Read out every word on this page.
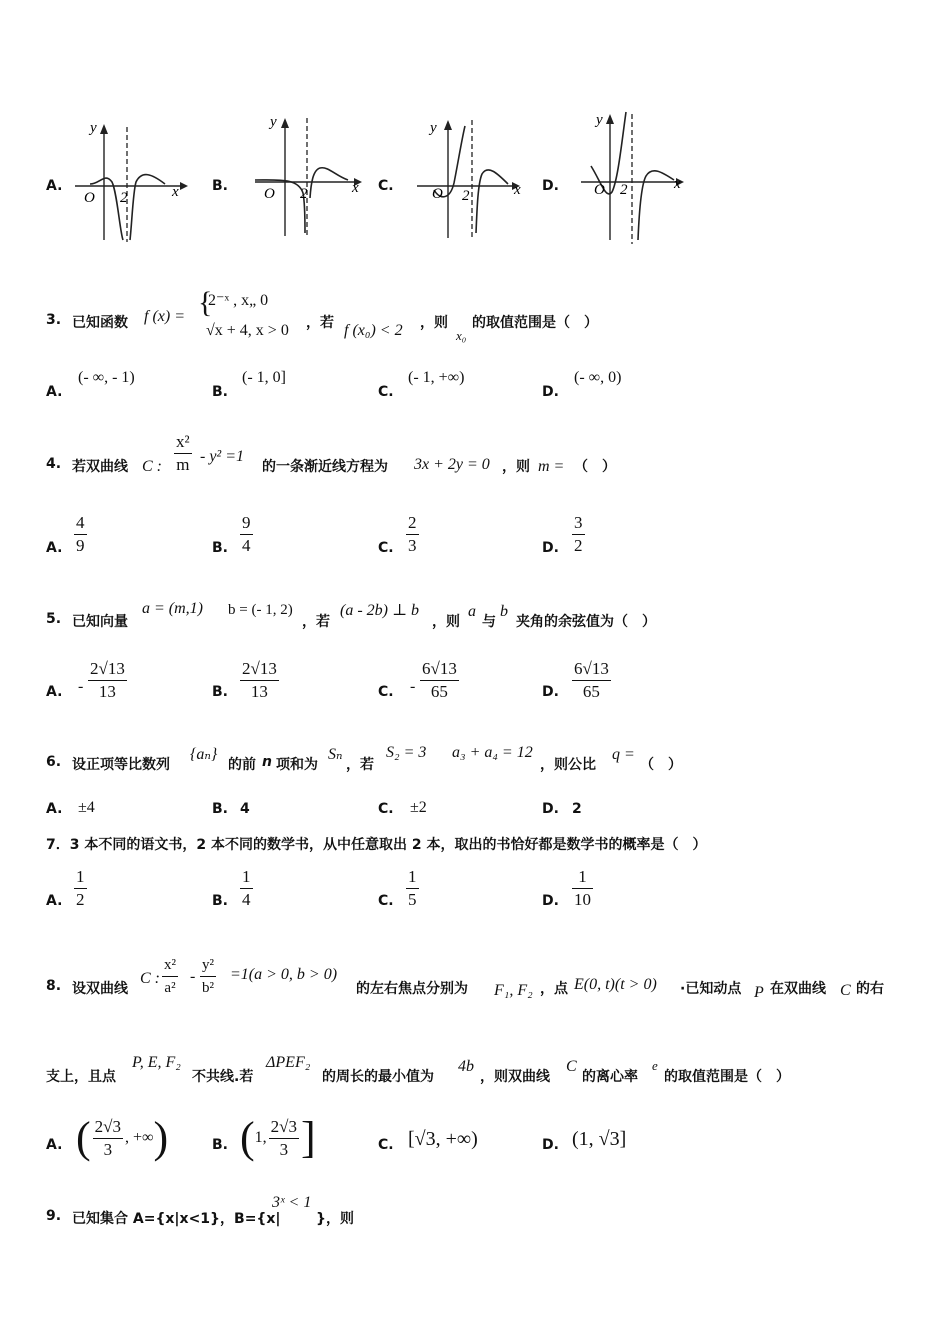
A.
y
O 2	x B.
y
O 2	x C.
y
O 2	x D.
y
O 2	x
3. 已知函数 f (x) = {
2⁻ˣ , x„ 0
√x + 4, x > 0 ，若 f (x₀) < 2 ，则
x₀
的取值范围是（　）
A.
(- ∞, - 1)
B.
(- 1, 0]
C.
(- 1, +∞)
D.
(- ∞, 0)
4. 若双曲线 C : $\frac{\text{x²}}{m} - y^2 =1$
的一条渐近线方程为 3x + 2y = 0 ，则 m = （　）
A. $\frac{4}{9}$	B. $\frac{9}{4}$	C. $\frac{2}{3}$	D. $\frac{3}{2}$
5. 已知向量
a = (m,1) b = (- 1, 2)
，若
(a - 2b) ⊥ b
，则
a
与
b
夹角的余弦值为（　）
A. - $\frac{2√13}{13}$	B. $\frac{2√13}{13}$	C. - $\frac{6√13}{65}$	D. $\frac{6√13}{65}$
6. 设正项等比数列
{aₙ}
的前 n 项和为
Sₙ
，若
S₂ = 3 a₃ + a₄ = 12
，则公比
q =
（　）
A. ±4	B. 4	C. ±2	D. 2
7．3 本不同的语文书，2 本不同的数学书，从中任意取出 2 本，取出的书恰好都是数学书的概率是（　）
A. $\frac{1}{2}$	B. $\frac{1}{4}$	C. $\frac{1}{5}$	D. $\frac{1}{10}$
8. 设双曲线
C : $\frac{\text{x²}}{\text{a²}} - \frac{\text{y²}}{\text{b²}} =1(a > 0$, b > 0)
的左右焦点分别为 F₁, F₂ ，点 E(0, t)(t > 0) ·已知动点 P 在双曲线 C 的右
支上，且点
P, E, F₂
不共线.若
ΔPEF₂
的周长的最小值为
4b
，则双曲线
C
的离心率
e
的取值范围是（　）
A. ( $\frac{2√3}{3}$ , +∞ )	B. ( 1, $\frac{2√3}{3}$ ]	C. [√3, +∞)	D. (1, √3]
9. 已知集合 A={x|x<1}，B={x|
3ˣ < 1
}，则
